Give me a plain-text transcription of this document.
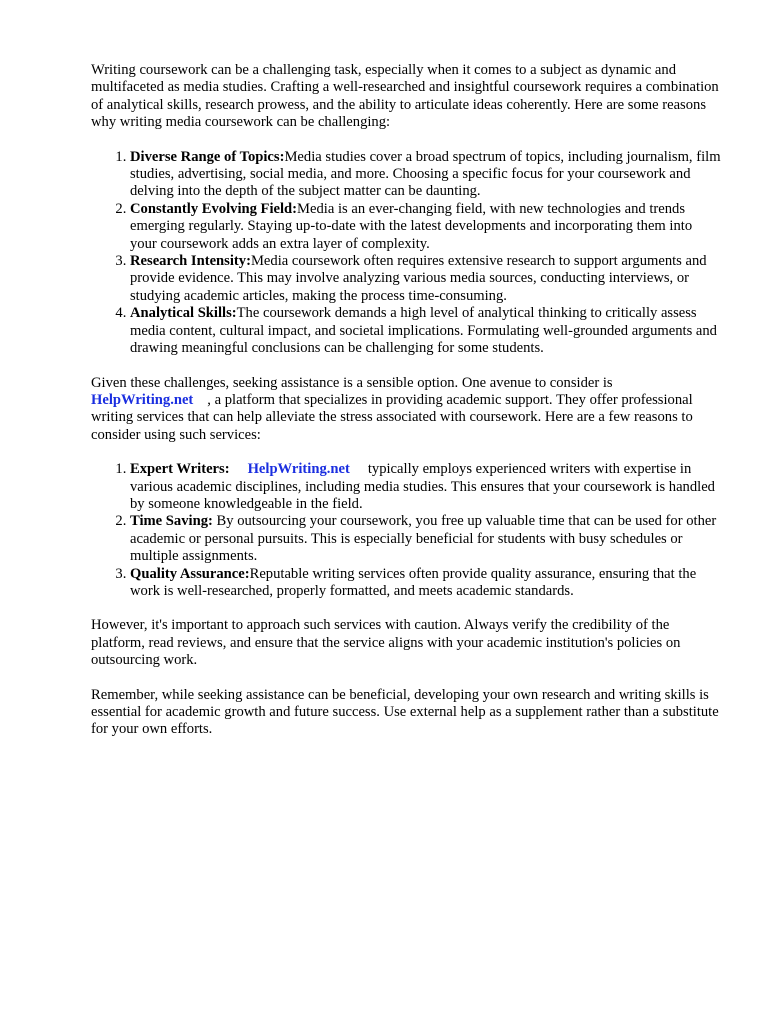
Writing coursework can be a challenging task, especially when it comes to a subject as dynamic and multifaceted as media studies. Crafting a well-researched and insightful coursework requires a combination of analytical skills, research prowess, and the ability to articulate ideas coherently. Here are some reasons why writing media coursework can be challenging:

1. Diverse Range of Topics:Media studies cover a broad spectrum of topics, including journalism, film studies, advertising, social media, and more. Choosing a specific focus for your coursework and delving into the depth of the subject matter can be daunting.
2. Constantly Evolving Field:Media is an ever-changing field, with new technologies and trends emerging regularly. Staying up-to-date with the latest developments and incorporating them into your coursework adds an extra layer of complexity.
3. Research Intensity:Media coursework often requires extensive research to support arguments and provide evidence. This may involve analyzing various media sources, conducting interviews, or studying academic articles, making the process time-consuming.
4. Analytical Skills:The coursework demands a high level of analytical thinking to critically assess media content, cultural impact, and societal implications. Formulating well-grounded arguments and drawing meaningful conclusions can be challenging for some students.

Given these challenges, seeking assistance is a sensible option. One avenue to consider is
HelpWriting.net , a platform that specializes in providing academic support. They offer professional writing services that can help alleviate the stress associated with coursework. Here are a few reasons to consider using such services:

1. Expert Writers: HelpWriting.net typically employs experienced writers with expertise in various academic disciplines, including media studies. This ensures that your coursework is handled by someone knowledgeable in the field.
2. Time Saving: By outsourcing your coursework, you free up valuable time that can be used for other academic or personal pursuits. This is especially beneficial for students with busy schedules or multiple assignments.
3. Quality Assurance:Reputable writing services often provide quality assurance, ensuring that the work is well-researched, properly formatted, and meets academic standards.

However, it's important to approach such services with caution. Always verify the credibility of the platform, read reviews, and ensure that the service aligns with your academic institution's policies on outsourcing work.

Remember, while seeking assistance can be beneficial, developing your own research and writing skills is essential for academic growth and future success. Use external help as a supplement rather than a substitute for your own efforts.
